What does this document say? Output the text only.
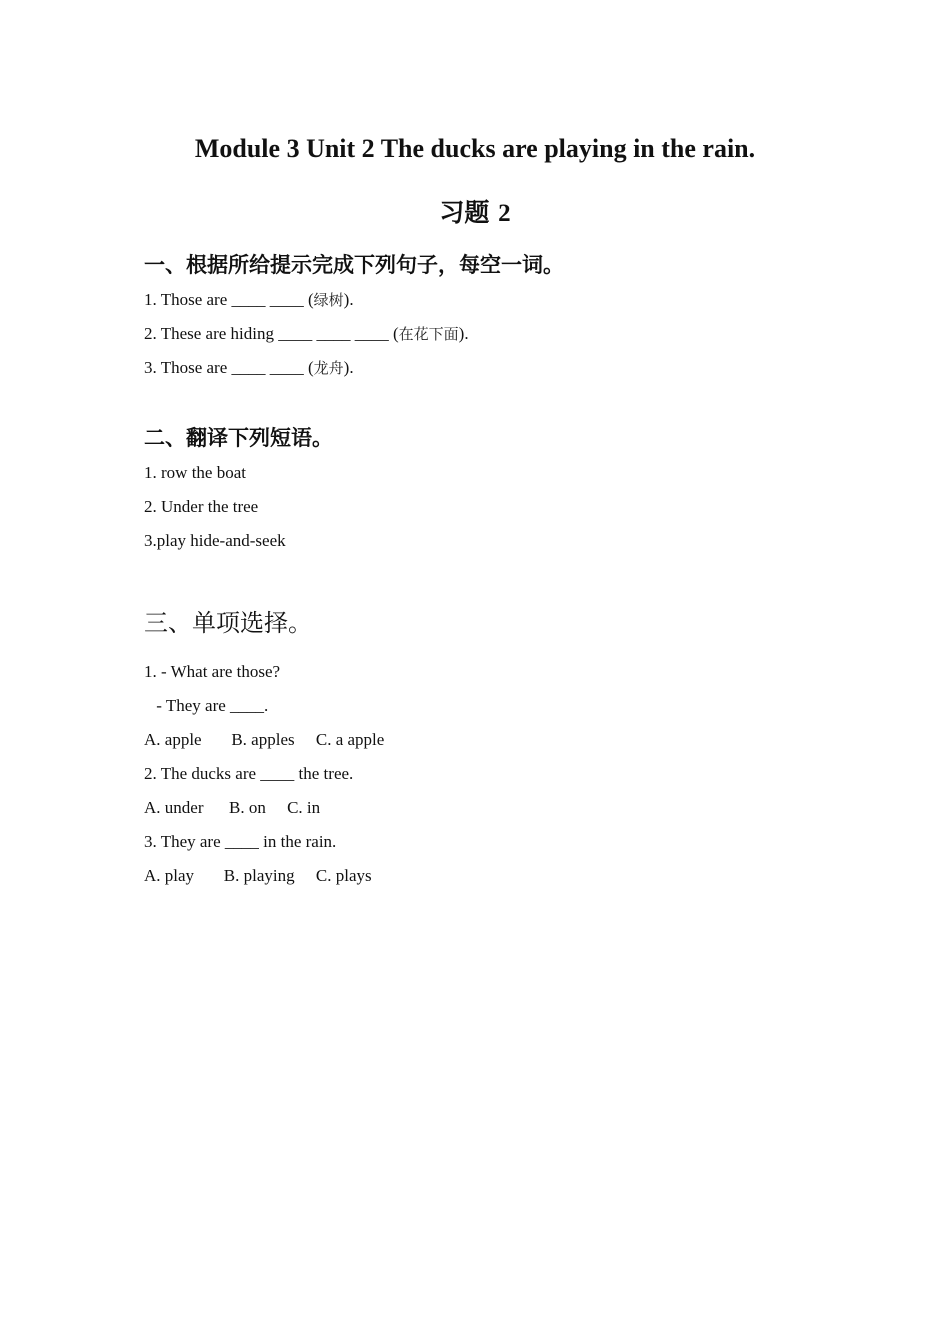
Module 3 Unit 2 The ducks are playing in the rain.
习题 2
一、根据所给提示完成下列句子，每空一词。

1. Those are ____ ____ (绿树).

2. These are hiding ____ ____ ____ (在花下面).

3. Those are ____ ____ (龙舟).

二、翻译下列短语。

1. row the boat

2. Under the tree

3.play hide-and-seek

三、单项选择。

1. - What are those?

- They are ____.

A. apple       B. apples     C. a apple

2. The ducks are ____ the tree.

A. under      B. on     C. in

3. They are ____ in the rain.

A. play       B. playing     C. plays
